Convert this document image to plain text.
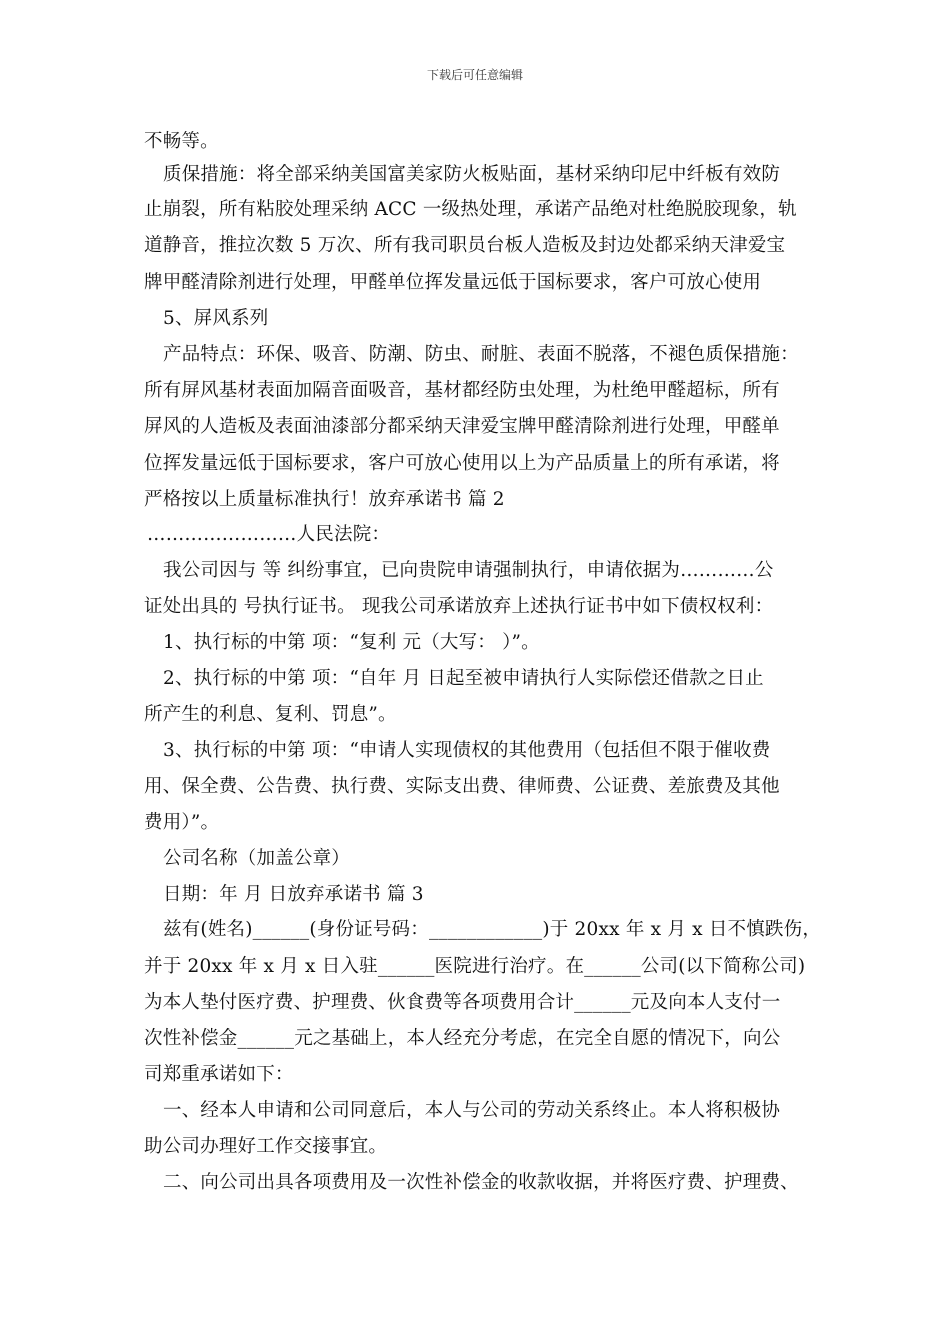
下载后可任意编辑
不畅等。
质保措施：将全部采纳美国富美家防火板贴面，基材采纳印尼中纤板有效防
止崩裂，所有粘胶处理采纳 ACC 一级热处理，承诺产品绝对杜绝脱胶现象，轨
道静音，推拉次数 5 万次、所有我司职员台板人造板及封边处都采纳天津爱宝
牌甲醛清除剂进行处理，甲醛单位挥发量远低于国标要求，客户可放心使用
5、屏风系列
产品特点：环保、吸音、防潮、防虫、耐脏、表面不脱落，不褪色质保措施：
所有屏风基材表面加隔音面吸音，基材都经防虫处理，为杜绝甲醛超标，所有
屏风的人造板及表面油漆部分都采纳天津爱宝牌甲醛清除剂进行处理，甲醛单
位挥发量远低于国标要求，客户可放心使用以上为产品质量上的所有承诺，将
严格按以上质量标准执行！放弃承诺书 篇 2
……………………人民法院：
我公司因与 等 纠纷事宜，已向贵院申请强制执行，申请依据为…………公
证处出具的 号执行证书。 现我公司承诺放弃上述执行证书中如下债权权利：
1、执行标的中第 项：“复利 元（大写： ）”。
2、执行标的中第 项：“自年 月 日起至被申请执行人实际偿还借款之日止
所产生的利息、复利、罚息”。
3、执行标的中第 项：“申请人实现债权的其他费用（包括但不限于催收费
用、保全费、公告费、执行费、实际支出费、律师费、公证费、差旅费及其他
费用）”。
公司名称（加盖公章）
日期：年 月 日放弃承诺书 篇 3
兹有(姓名)______(身份证号码：____________)于 20xx 年 x 月 x 日不慎跌伤，
并于 20xx 年 x 月 x 日入驻______医院进行治疗。在______公司(以下简称公司)
为本人垫付医疗费、护理费、伙食费等各项费用合计______元及向本人支付一
次性补偿金______元之基础上，本人经充分考虑，在完全自愿的情况下，向公
司郑重承诺如下：
一、经本人申请和公司同意后，本人与公司的劳动关系终止。本人将积极协
助公司办理好工作交接事宜。
二、向公司出具各项费用及一次性补偿金的收款收据，并将医疗费、护理费、
